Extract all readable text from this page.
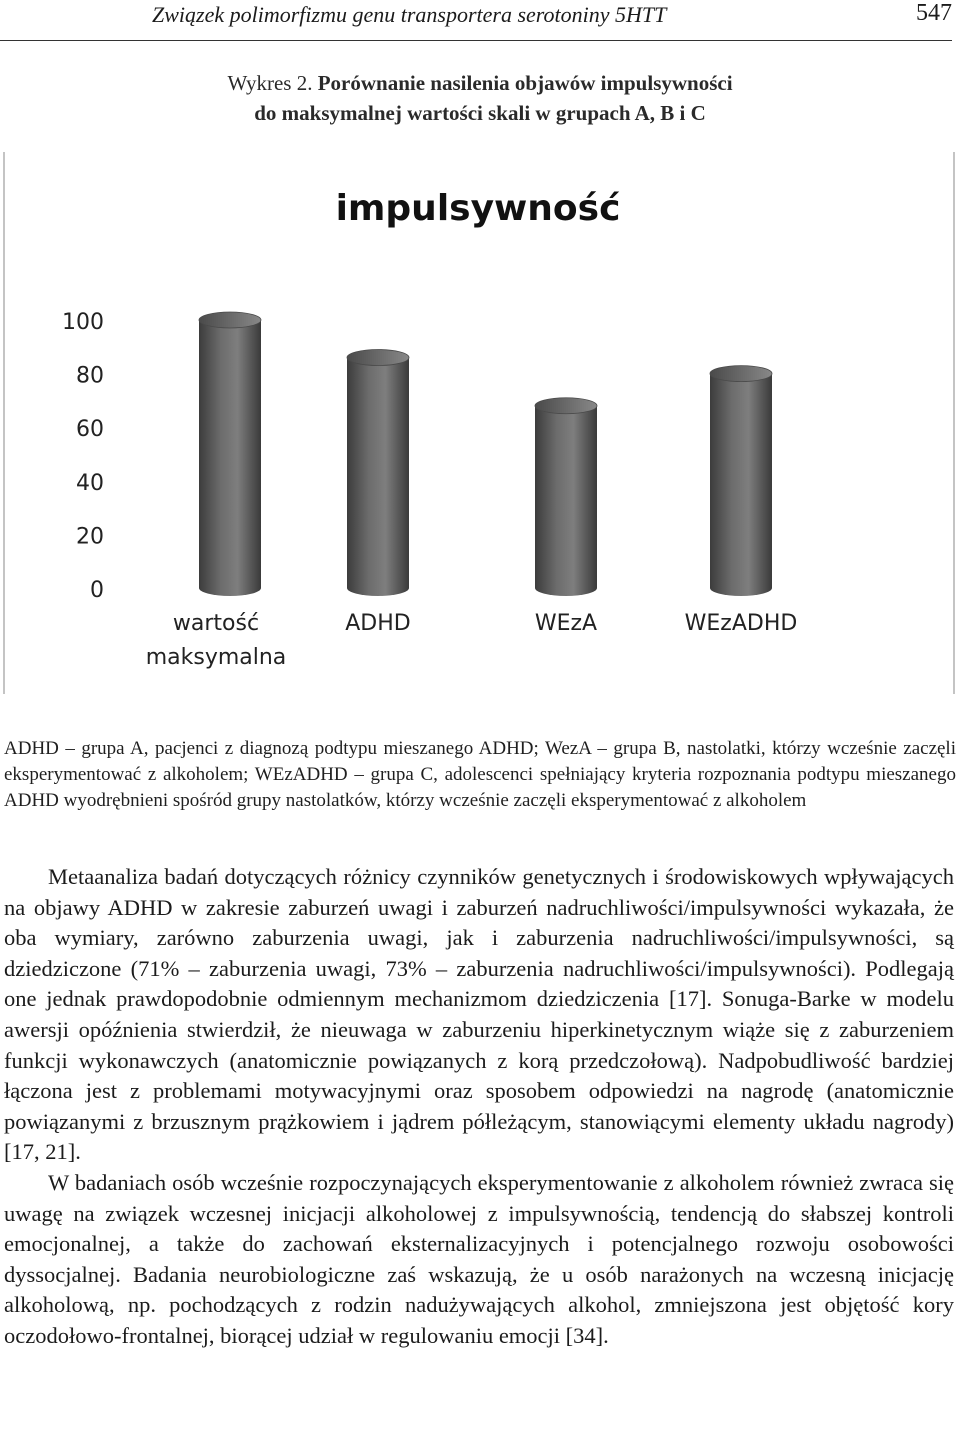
Związek polimorfizmu genu transportera serotoniny 5HTT	547
Wykres 2. Porównanie nasilenia objawów impulsywności
do maksymalnej wartości skali w grupach A, B i C
impulsywność
0
20
40
60
80
100
wartość
maksymalna
ADHD	WEzA	WEzADHD
ADHD – grupa A, pacjenci z diagnozą podtypu mieszanego ADHD; WezA – grupa B, nastolatki, którzy wcześnie zaczęli eksperymentować z alkoholem; WEzADHD – grupa C, adolescenci spełniający kryteria rozpoznania podtypu mieszanego ADHD wyodrębnieni spośród grupy nastolatków, którzy wcześnie zaczęli eksperymentować z alkoholem

Metaanaliza badań dotyczących różnicy czynników genetycznych i środowiskowych wpływających na objawy ADHD w zakresie zaburzeń uwagi i zaburzeń nadruchliwości/impulsywności wykazała, że oba wymiary, zarówno zaburzenia uwagi, jak i zaburzenia nadruchliwości/impulsywności, są dziedziczone (71% – zaburzenia uwagi, 73% – zaburzenia nadruchliwości/impulsywności). Podlegają one jednak prawdopodobnie odmiennym mechanizmom dziedziczenia [17]. Sonuga-Barke w modelu awersji opóźnienia stwierdził, że nieuwaga w zaburzeniu hiperkinetycznym wiąże się z zaburzeniem funkcji wykonawczych (anatomicznie powiązanych z korą przedczołową). Nadpobudliwość bardziej łączona jest z problemami motywacyjnymi oraz sposobem odpowiedzi na nagrodę (anatomicznie powiązanymi z brzusznym prążkowiem i jądrem półleżącym, stanowiącymi elementy układu nagrody) [17, 21].

W badaniach osób wcześnie rozpoczynających eksperymentowanie z alkoholem również zwraca się uwagę na związek wczesnej inicjacji alkoholowej z impulsywnością, tendencją do słabszej kontroli emocjonalnej, a także do zachowań eksternalizacyjnych i potencjalnego rozwoju osobowości dyssocjalnej. Badania neurobiologiczne zaś wskazują, że u osób narażonych na wczesną inicjację alkoholową, np. pochodzących z rodzin nadużywających alkohol, zmniejszona jest objętość kory oczodołowo-frontalnej, biorącej udział w regulowaniu emocji [34].
